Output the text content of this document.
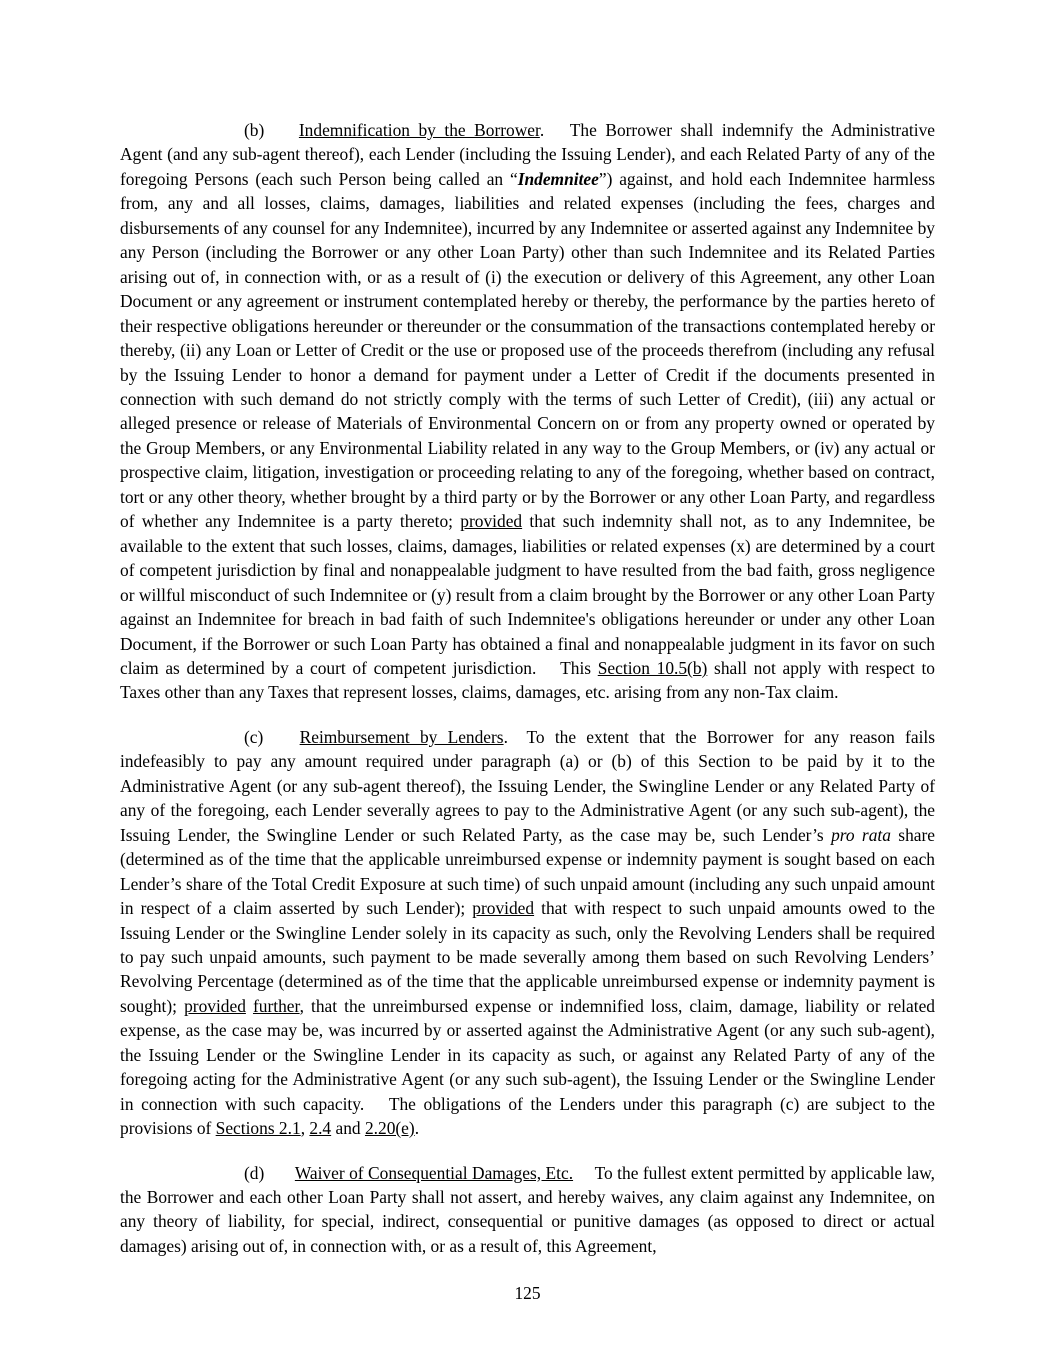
(b)     Indemnification by the Borrower.  The Borrower shall indemnify the Administrative Agent (and any sub-agent thereof), each Lender (including the Issuing Lender), and each Related Party of any of the foregoing Persons (each such Person being called an “Indemnitee”) against, and hold each Indemnitee harmless from, any and all losses, claims, damages, liabilities and related expenses (including the fees, charges and disbursements of any counsel for any Indemnitee), incurred by any Indemnitee or asserted against any Indemnitee by any Person (including the Borrower or any other Loan Party) other than such Indemnitee and its Related Parties arising out of, in connection with, or as a result of (i) the execution or delivery of this Agreement, any other Loan Document or any agreement or instrument contemplated hereby or thereby, the performance by the parties hereto of their respective obligations hereunder or thereunder or the consummation of the transactions contemplated hereby or thereby, (ii) any Loan or Letter of Credit or the use or proposed use of the proceeds therefrom (including any refusal by the Issuing Lender to honor a demand for payment under a Letter of Credit if the documents presented in connection with such demand do not strictly comply with the terms of such Letter of Credit), (iii) any actual or alleged presence or release of Materials of Environmental Concern on or from any property owned or operated by the Group Members, or any Environmental Liability related in any way to the Group Members, or (iv) any actual or prospective claim, litigation, investigation or proceeding relating to any of the foregoing, whether based on contract, tort or any other theory, whether brought by a third party or by the Borrower or any other Loan Party, and regardless of whether any Indemnitee is a party thereto; provided that such indemnity shall not, as to any Indemnitee, be available to the extent that such losses, claims, damages, liabilities or related expenses (x) are determined by a court of competent jurisdiction by final and nonappealable judgment to have resulted from the bad faith, gross negligence or willful misconduct of such Indemnitee or (y) result from a claim brought by the Borrower or any other Loan Party against an Indemnitee for breach in bad faith of such Indemnitee's obligations hereunder or under any other Loan Document, if the Borrower or such Loan Party has obtained a final and nonappealable judgment in its favor on such claim as determined by a court of competent jurisdiction.  This Section 10.5(b) shall not apply with respect to Taxes other than any Taxes that represent losses, claims, damages, etc. arising from any non-Tax claim.

(c)     Reimbursement by Lenders.  To the extent that the Borrower for any reason fails indefeasibly to pay any amount required under paragraph (a) or (b) of this Section to be paid by it to the Administrative Agent (or any sub-agent thereof), the Issuing Lender, the Swingline Lender or any Related Party of any of the foregoing, each Lender severally agrees to pay to the Administrative Agent (or any such sub-agent), the Issuing Lender, the Swingline Lender or such Related Party, as the case may be, such Lender’s pro rata share (determined as of the time that the applicable unreimbursed expense or indemnity payment is sought based on each Lender’s share of the Total Credit Exposure at such time) of such unpaid amount (including any such unpaid amount in respect of a claim asserted by such Lender); provided that with respect to such unpaid amounts owed to the Issuing Lender or the Swingline Lender solely in its capacity as such, only the Revolving Lenders shall be required to pay such unpaid amounts, such payment to be made severally among them based on such Revolving Lenders’ Revolving Percentage (determined as of the time that the applicable unreimbursed expense or indemnity payment is sought); provided further, that the unreimbursed expense or indemnified loss, claim, damage, liability or related expense, as the case may be, was incurred by or asserted against the Administrative Agent (or any such sub-agent), the Issuing Lender or the Swingline Lender in its capacity as such, or against any Related Party of any of the foregoing acting for the Administrative Agent (or any such sub-agent), the Issuing Lender or the Swingline Lender in connection with such capacity.  The obligations of the Lenders under this paragraph (c) are subject to the provisions of Sections 2.1, 2.4 and 2.20(e).

(d)     Waiver of Consequential Damages, Etc.  To the fullest extent permitted by applicable law, the Borrower and each other Loan Party shall not assert, and hereby waives, any claim against any Indemnitee, on any theory of liability, for special, indirect, consequential or punitive damages (as opposed to direct or actual damages) arising out of, in connection with, or as a result of, this Agreement,

125
